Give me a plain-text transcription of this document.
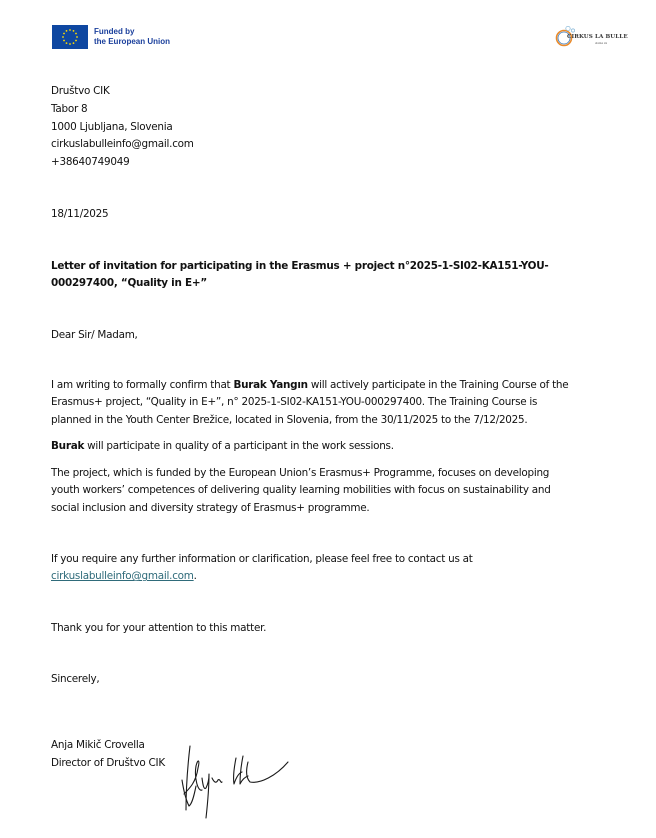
Funded by
the European Union	CIRKUS LA BULLE
društvo cik
Društvo CIK
Tabor 8
1000 Ljubljana, Slovenia
cirkuslabulleinfo@gmail.com
+38640749049
18/11/2025
Letter of invitation for participating in the Erasmus + project n°2025-1-SI02-KA151-YOU-
000297400, “Quality in E+”
Dear Sir/ Madam,
I am writing to formally confirm that Burak Yangın will actively participate in the Training Course of the
Erasmus+ project, “Quality in E+”, n° 2025-1-SI02-KA151-YOU-000297400. The Training Course is
planned in the Youth Center Brežice, located in Slovenia, from the 30/11/2025 to the 7/12/2025.
Burak will participate in quality of a participant in the work sessions.
The project, which is funded by the European Union’s Erasmus+ Programme, focuses on developing
youth workers’ competences of delivering quality learning mobilities with focus on sustainability and
social inclusion and diversity strategy of Erasmus+ programme.
If you require any further information or clarification, please feel free to contact us at
cirkuslabulleinfo@gmail.com.
Thank you for your attention to this matter.
Sincerely,
Anja Mikič Crovella
Director of Društvo CIK
